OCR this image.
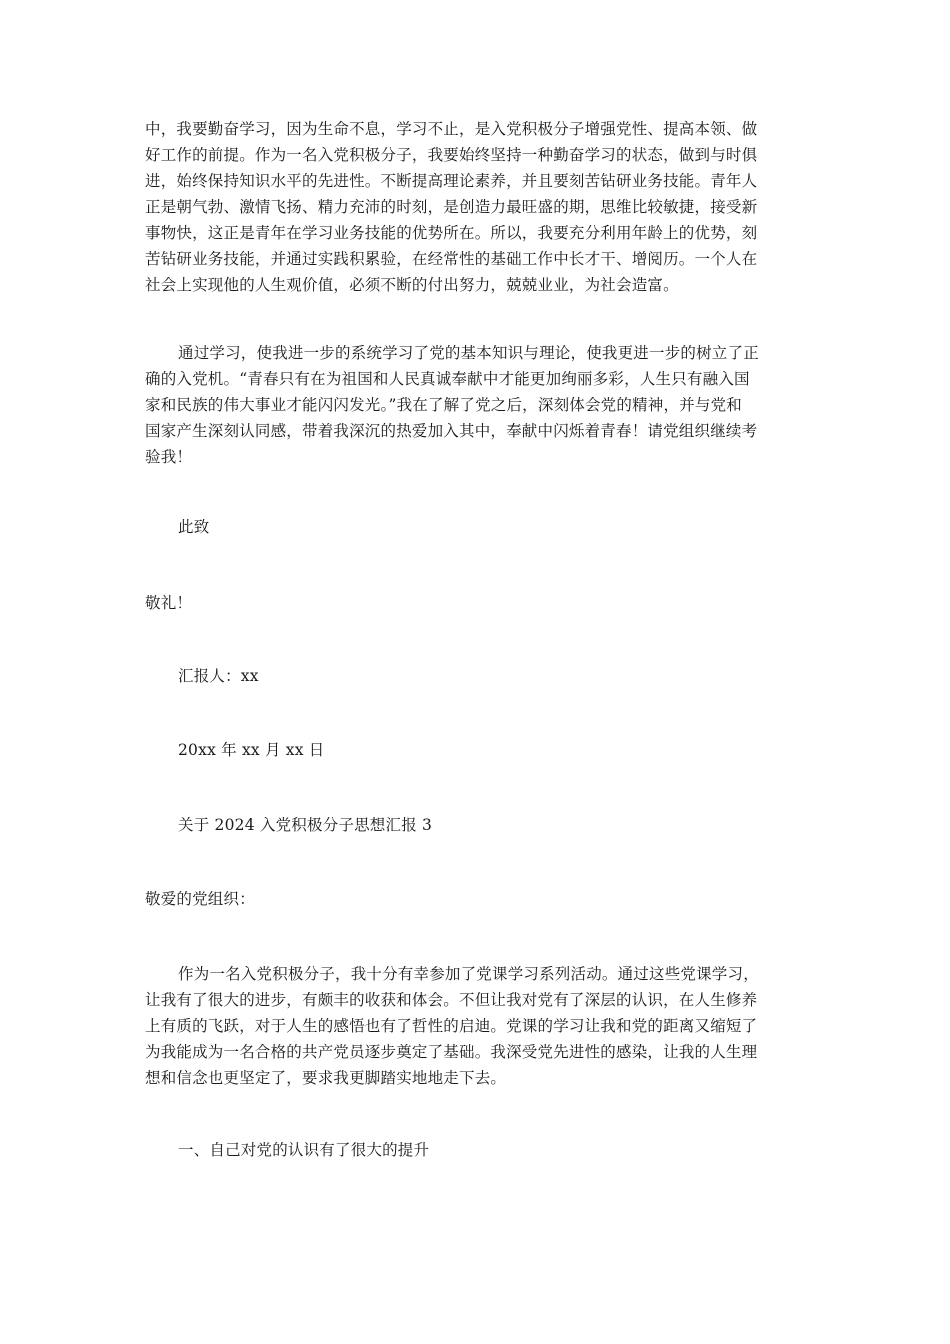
中，我要勤奋学习，因为生命不息，学习不止，是入党积极分子增强党性、提高本领、做
好工作的前提。作为一名入党积极分子，我要始终坚持一种勤奋学习的状态，做到与时俱
进，始终保持知识水平的先进性。不断提高理论素养，并且要刻苦钻研业务技能。青年人
正是朝气勃、激情飞扬、精力充沛的时刻，是创造力最旺盛的期，思维比较敏捷，接受新
事物快，这正是青年在学习业务技能的优势所在。所以，我要充分利用年龄上的优势，刻
苦钻研业务技能，并通过实践积累验，在经常性的基础工作中长才干、增阅历。一个人在
社会上实现他的人生观价值，必须不断的付出努力，兢兢业业，为社会造富。
通过学习，使我进一步的系统学习了党的基本知识与理论，使我更进一步的树立了正
确的入党机。“青春只有在为祖国和人民真诚奉献中才能更加绚丽多彩，人生只有融入国
家和民族的伟大事业才能闪闪发光。”我在了解了党之后，深刻体会党的精神，并与党和
国家产生深刻认同感，带着我深沉的热爱加入其中，奉献中闪烁着青春！请党组织继续考
验我！
此致
敬礼！
汇报人：xx
20xx 年 xx 月 xx 日
关于 2024 入党积极分子思想汇报 3
敬爱的党组织：
作为一名入党积极分子，我十分有幸参加了党课学习系列活动。通过这些党课学习，
让我有了很大的进步，有颇丰的收获和体会。不但让我对党有了深层的认识，在人生修养
上有质的飞跃，对于人生的感悟也有了哲性的启迪。党课的学习让我和党的距离又缩短了
为我能成为一名合格的共产党员逐步奠定了基础。我深受党先进性的感染，让我的人生理
想和信念也更坚定了，要求我更脚踏实地地走下去。
一、自己对党的认识有了很大的提升
